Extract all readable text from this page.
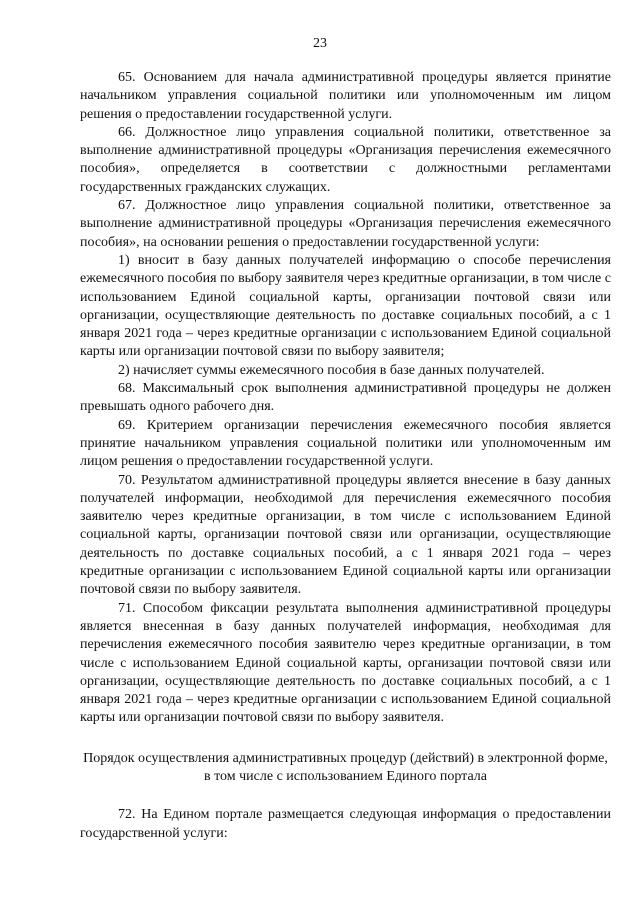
23

65. Основанием для начала административной процедуры является принятие начальником управления социальной политики или уполномоченным им лицом решения о предоставлении государственной услуги.

66. Должностное лицо управления социальной политики, ответственное за выполнение административной процедуры «Организация перечисления ежемесячного пособия», определяется в соответствии с должностными регламентами государственных гражданских служащих.

67. Должностное лицо управления социальной политики, ответственное за выполнение административной процедуры «Организация перечисления ежемесячного пособия», на основании решения о предоставлении государственной услуги:

1) вносит в базу данных получателей информацию о способе перечисления ежемесячного пособия по выбору заявителя через кредитные организации, в том числе с использованием Единой социальной карты, организации почтовой связи или организации, осуществляющие деятельность по доставке социальных пособий, а с 1 января 2021 года – через кредитные организации с использованием Единой социальной карты или организации почтовой связи по выбору заявителя;

2) начисляет суммы ежемесячного пособия в базе данных получателей.

68. Максимальный срок выполнения административной процедуры не должен превышать одного рабочего дня.

69. Критерием организации перечисления ежемесячного пособия является принятие начальником управления социальной политики или уполномоченным им лицом решения о предоставлении государственной услуги.

70. Результатом административной процедуры является внесение в базу данных получателей информации, необходимой для перечисления ежемесячного пособия заявителю через кредитные организации, в том числе с использованием Единой социальной карты, организации почтовой связи или организации, осуществляющие деятельность по доставке социальных пособий, а с 1 января 2021 года – через кредитные организации с использованием Единой социальной карты или организации почтовой связи по выбору заявителя.

71. Способом фиксации результата выполнения административной процедуры является внесенная в базу данных получателей информация, необходимая для перечисления ежемесячного пособия заявителю через кредитные организации, в том числе с использованием Единой социальной карты, организации почтовой связи или организации, осуществляющие деятельность по доставке социальных пособий, а с 1 января 2021 года – через кредитные организации с использованием Единой социальной карты или организации почтовой связи по выбору заявителя.

Порядок осуществления административных процедур (действий) в электронной форме, в том числе с использованием Единого портала

72. На Едином портале размещается следующая информация о предоставлении государственной услуги:
